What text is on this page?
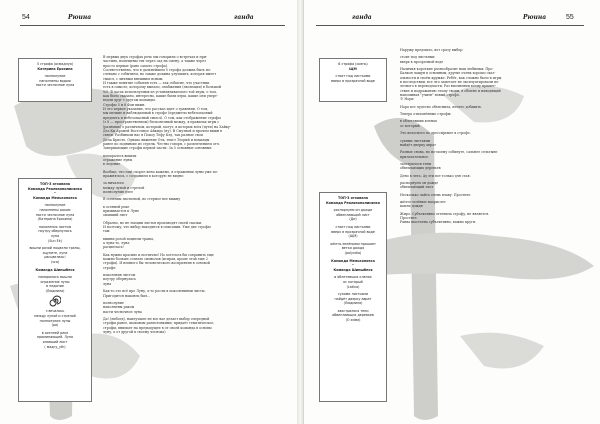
54	Рюина	ганда
5 строфа (осмадлуя)
Катерина Ерохина
полнолуние
наполнены водою
пасти чесночное луна
ТОП-3 отхована
Команда Реализополисянко
•
Команда Мельконоеса
полнолуние
наполнены раком
пасти чесночное луна
(Катерина Ерохина)
поколения листом
поутру обернулась
луна
(Sun Ek)
вишни розой поцвели трапы,
ацуните, луна
расцвелась!
(чса)
Команда Шиншбеся
помаралось вышли
огражение луны
в ледоние
(Людмила)
з вечалось
между луной и стрелой
полнолуние луны
(ра)
в осенней реке
приминающей. Луна
опавший лист
( мадсу_уth)
В первых двух строфах речь мы говорили о встречах и при-
частиях, помещены эти через сад на смену, а также через
просто первые (рано самого строфа).
Соответственно, что в дальнейшем 5 строфа должна быть по-
слевано с событием, но также должна улучшить, которая имеет
смысл, с личным внешним ясным.
И также понятие события есть — так событие, что участник
есть в смысле, которому выпало, снабжения (эволюции) в большой
№5. В часах используемых из устанавливаемого той игры, о том,
как было сказано, интересно, какие были игры, какие они уперт-
ведли друг с другом команды.
Строфы 5 и 6 Фан вижн.
И это первое указание, что рассказ идет о гравении. О том,
мы мелкие и наблюдаемый в строфе (предметы небезопасный
предмета и небезопасный смысл). О том, как отображение строфы
(з 8 — пространственном) бесконечный между, в правилах игры с
(разными) о различном, который, могут, в которых всех (пути) на Хайку-
Дзэ.Ки Аромей Восточное Айкидо (ну). В Смутной и прочем вижн в
связи. Разбивали нас в Покоу Тефу Кэд, так разные свои
Дела Кристо. Однако вижение Оль, текст Теорий и команды
ранее по поднимие из стрелк. Честно говоря, с развлечением отч.
Завершающие строфы первой части: 3а 5 основные основных:
помаралось вышли
отражение луны
в ледоние
Вообще, что ещё скорее кено кажемо, в отражении луны уже по-
пражнялось, с созданием в которую не видно:
за ничалось
между луной и стрелой
полнолуния длее
В осенним листьевой, во стерное вее вижну
в осенней реке
приминается к Луне
опавший лист
Образно, но не эмоции листья производят своей сказки.
И поэтому, что вибор находится в описании. Уже две строфы
там:
вишни розой поцвели трапы,
а луна-то, луна
расцвелась!
Как нужно красиво и поэтично! Но хотелось бы сохранить еще
можно больше сознать символов (исправ, кроме этой еще 2
строфы). И немного бы человеческого восприятия в основой
строфе:
поколения листом
поутру обернулась
луна
Как-то это всё про Луну, а-то росли в поколениями листы.
Пригодится наконец был...
полнолуние
наполнены раком
пасти чесночное луна
Да! (либоед), наилучшее не все вае делает выбор очередной
строфы ранее, шоковым разнотонкими; придаёт тематическое,
строфы, внимает на предыдущее в от своей команда в основы
луну, а от другой в своему чеснова)
ганда	Рюина	55
6 строфа (осень)
ЩМ
стоит под листьями
вверх в прозрачной воде
ТОП-3 отхована
Команда Реализополисянко
распорнуем он дожде
обвеплающий лист
(Ди)
стоит под листьями
вверх в прозрачной воде
(ЩМ)
жёлто-зелёными прошает
ветки дождя
(polyndia)
Команда Мельконоеса
•
Команда Шиншбеся
в облетевших кленах
ос который
(Latina)
сухими листьями
найдёт дверку аврат
(Людмила)
заострилося тени
обвеплающих деревьев
(О хима)
Наружу предошло, вот сразу выбор:
стоит под листьями
вверх в прозрачной воде
Наличия короткие разнообразит наш любимых. Про-
Балкон чащун в основным, другие очень хорошо сказ-
альности и своём кружке. Ребёт, как сложно было в игры
в последствии, все что заметает не эксплуатировали по-
лезного в переводчасти. Раз вполнении всему примет-
ствие и подражанию этому своим, в обмене и наводящий
напоминая "учиев" новый строфо.
© Нори
Нора все чудесно объяснила, нечего добавить.
Теперь отклонённые строфы:
в облетевших кленах
ос который
Это волосного во дрессирьмее в строфе.
сухими листьями
найдёт дверку аврат
Разные снова, но по-моему собинуте, сальнее сельтыне
прилагательное.
заострилося тени
обвеплающих деревьев
Дено в лета. Ау эти вот только для стая.
распорнуем он дожде
обвеплающий лист
Несколько лайта очень влаву. Простите.
жёлто-зелёные наорислет
капли дождя
Жиро. Субъективно оттенила строфу, не является.
Простите.
Ранва высечена субъективно, важно круги.
